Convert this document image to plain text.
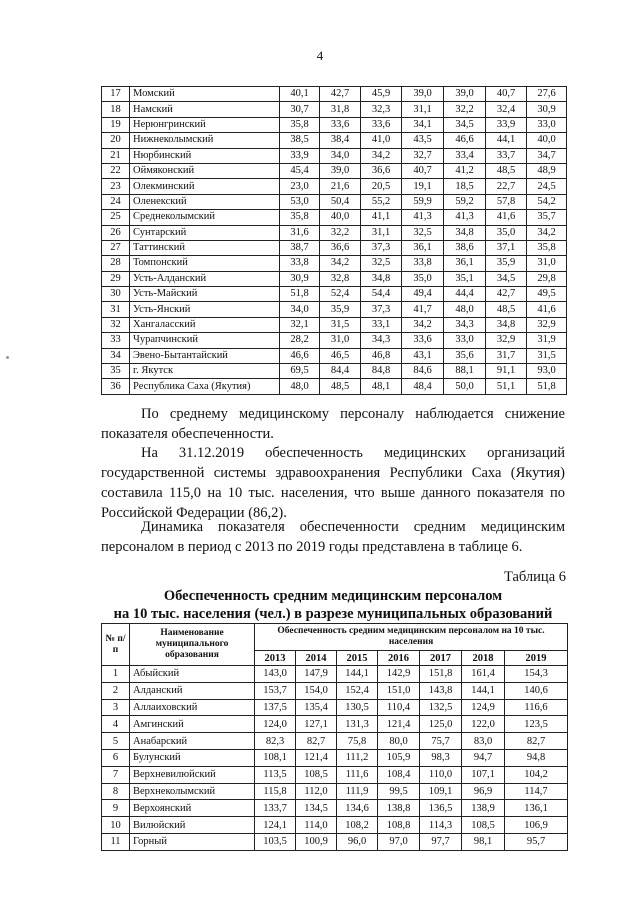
4
17	Момский	40,1	42,7	45,9	39,0	39,0	40,7	27,6
18	Намский	30,7	31,8	32,3	31,1	32,2	32,4	30,9
19	Нерюнгринский	35,8	33,6	33,6	34,1	34,5	33,9	33,0
20	Нижнеколымский	38,5	38,4	41,0	43,5	46,6	44,1	40,0
21	Нюрбинский	33,9	34,0	34,2	32,7	33,4	33,7	34,7
22	Оймяконский	45,4	39,0	36,6	40,7	41,2	48,5	48,9
23	Олекминский	23,0	21,6	20,5	19,1	18,5	22,7	24,5
24	Оленекский	53,0	50,4	55,2	59,9	59,2	57,8	54,2
25	Среднеколымский	35,8	40,0	41,1	41,3	41,3	41,6	35,7
26	Сунтарский	31,6	32,2	31,1	32,5	34,8	35,0	34,2
27	Таттинский	38,7	36,6	37,3	36,1	38,6	37,1	35,8
28	Томпонский	33,8	34,2	32,5	33,8	36,1	35,9	31,0
29	Усть-Алданский	30,9	32,8	34,8	35,0	35,1	34,5	29,8
30	Усть-Майский	51,8	52,4	54,4	49,4	44,4	42,7	49,5
31	Усть-Янский	34,0	35,9	37,3	41,7	48,0	48,5	41,6
32	Хангаласский	32,1	31,5	33,1	34,2	34,3	34,8	32,9
33	Чурапчинский	28,2	31,0	34,3	33,6	33,0	32,9	31,9
34	Эвено-Бытантайский	46,6	46,5	46,8	43,1	35,6	31,7	31,5
35	г. Якутск	69,5	84,4	84,8	84,6	88,1	91,1	93,0
36	Республика Саха (Якутия)	48,0	48,5	48,1	48,4	50,0	51,1	51,8
По среднему медицинскому персоналу наблюдается снижение показателя обеспеченности.
На 31.12.2019 обеспеченность медицинских организаций государственной системы здравоохранения Республики Саха (Якутия) составила 115,0 на 10 тыс. населения, что выше данного показателя по Российской Федерации (86,2).
Динамика показателя обеспеченности средним медицинским персоналом в период с 2013 по 2019 годы представлена в таблице 6.
Таблица 6
Обеспеченность средним медицинским персоналом
на 10 тыс. населения (чел.) в разрезе муниципальных образований
№ п/п	Наименование муниципального образования	Обеспеченность средним медицинским персоналом на 10 тыс. населения						
		2013	2014	2015	2016	2017	2018	2019
1	Абыйский	143,0	147,9	144,1	142,9	151,8	161,4	154,3
2	Алданский	153,7	154,0	152,4	151,0	143,8	144,1	140,6
3	Аллаиховский	137,5	135,4	130,5	110,4	132,5	124,9	116,6
4	Амгинский	124,0	127,1	131,3	121,4	125,0	122,0	123,5
5	Анабарский	82,3	82,7	75,8	80,0	75,7	83,0	82,7
6	Булунский	108,1	121,4	111,2	105,9	98,3	94,7	94,8
7	Верхневилюйский	113,5	108,5	111,6	108,4	110,0	107,1	104,2
8	Верхнеколымский	115,8	112,0	111,9	99,5	109,1	96,9	114,7
9	Верхоянский	133,7	134,5	134,6	138,8	136,5	138,9	136,1
10	Вилюйский	124,1	114,0	108,2	108,8	114,3	108,5	106,9
11	Горный	103,5	100,9	96,0	97,0	97,7	98,1	95,7
